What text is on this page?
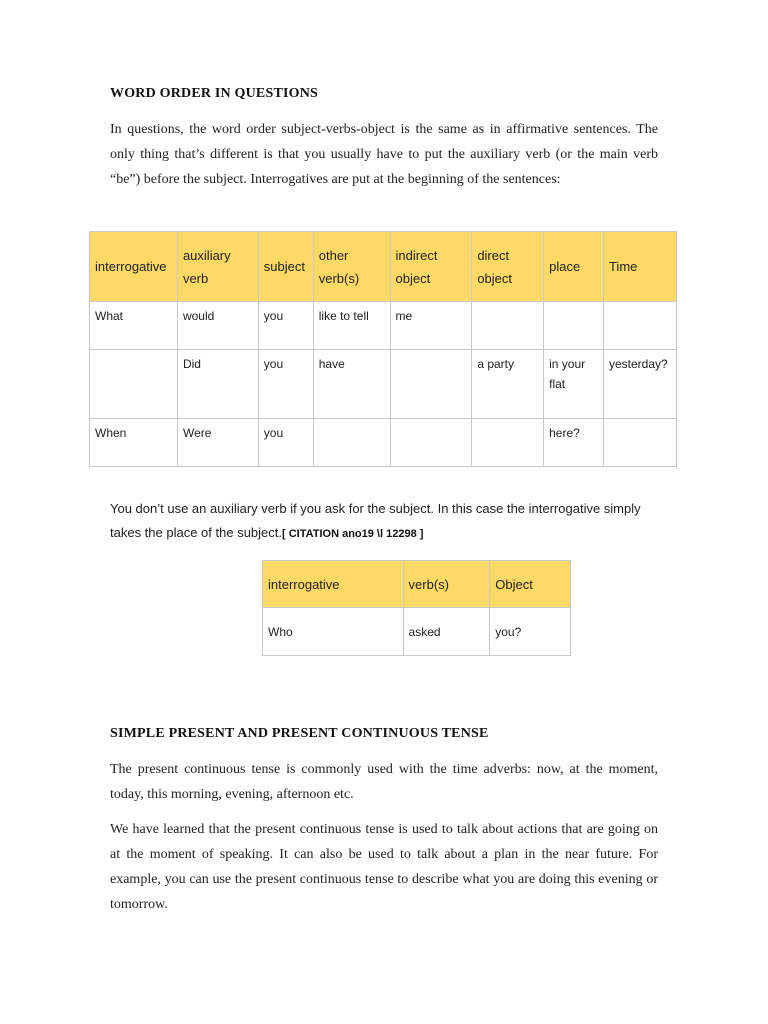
WORD ORDER IN QUESTIONS

In questions, the word order subject-verbs-object is the same as in affirmative sentences. The only thing that’s different is that you usually have to put the auxiliary verb (or the main verb “be”) before the subject. Interrogatives are put at the beginning of the sentences:

interrogative	auxiliary verb	subject	other verb(s)	indirect object	direct object	place	Time
What	would	you	like to tell	me			
	Did	you	have		a party	in your flat	yesterday?
When	Were	you				here?	

You don’t use an auxiliary verb if you ask for the subject. In this case the interrogative simply takes the place of the subject.[ CITATION ano19 \l 12298 ]

interrogative	verb(s)	Object
Who	asked	you?
SIMPLE PRESENT AND PRESENT CONTINUOUS TENSE

The present continuous tense is commonly used with the time adverbs: now, at the moment, today, this morning, evening, afternoon etc.

We have learned that the present continuous tense is used to talk about actions that are going on at the moment of speaking. It can also be used to talk about a plan in the near future. For example, you can use the present continuous tense to describe what you are doing this evening or tomorrow.
